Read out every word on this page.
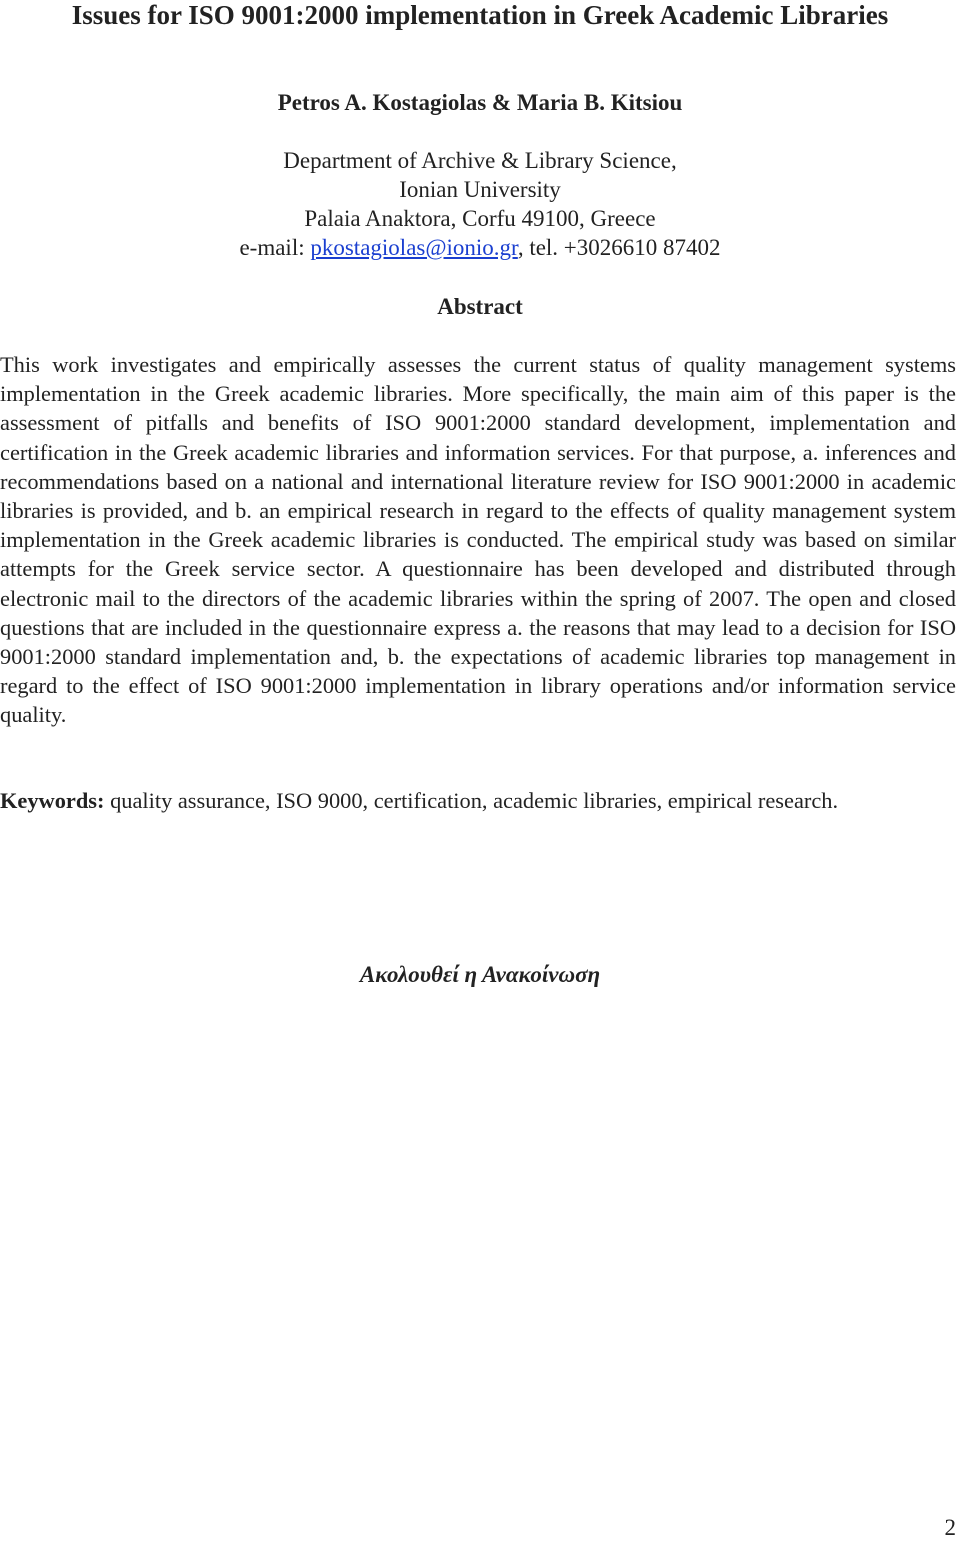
Issues for ISO 9001:2000 implementation in Greek Academic Libraries
Petros A. Kostagiolas & Maria B. Kitsiou
Department of Archive & Library Science,
Ionian University
Palaia Anaktora, Corfu 49100, Greece
e-mail: pkostagiolas@ionio.gr, tel. +3026610 87402
Abstract
This work investigates and empirically assesses the current status of quality management systems implementation in the Greek academic libraries. More specifically, the main aim of this paper is the assessment of pitfalls and benefits of ISO 9001:2000 standard development, implementation and certification in the Greek academic libraries and information services. For that purpose, a. inferences and recommendations based on a national and international literature review for ISO 9001:2000 in academic libraries is provided, and b. an empirical research in regard to the effects of quality management system implementation in the Greek academic libraries is conducted. The empirical study was based on similar attempts for the Greek service sector. A questionnaire has been developed and distributed through electronic mail to the directors of the academic libraries within the spring of 2007. The open and closed questions that are included in the questionnaire express a. the reasons that may lead to a decision for ISO 9001:2000 standard implementation and, b. the expectations of academic libraries top management in regard to the effect of ISO 9001:2000 implementation in library operations and/or information service quality.
Keywords: quality assurance, ISO 9000, certification, academic libraries, empirical research.
Ακολουθεί η Ανακοίνωση
2
